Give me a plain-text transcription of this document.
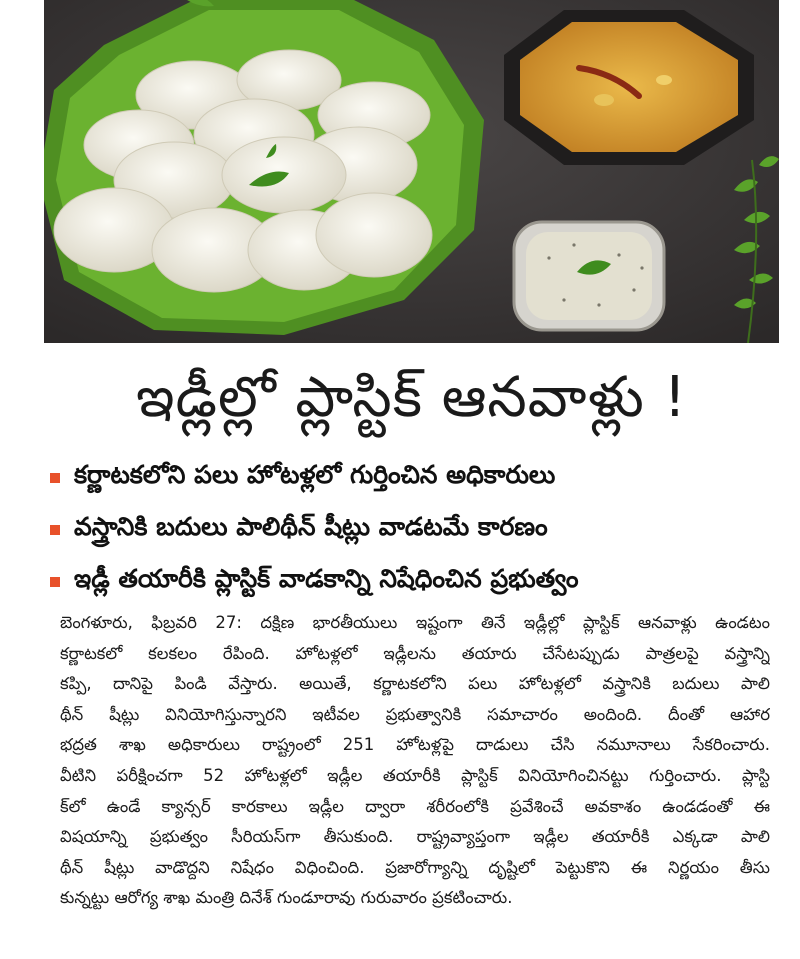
ఇడ్లీల్లో ప్లాస్టిక్ ఆనవాళ్లు !
కర్ణాటకలోని పలు హోటళ్లలో గుర్తించిన అధికారులు
వస్త్రానికి బదులు పాలిథీన్ షీట్లు వాడటమే కారణం
ఇడ్లీ తయారీకి ప్లాస్టిక్ వాడకాన్ని నిషేధించిన ప్రభుత్వం
బెంగళూరు, ఫిబ్రవరి 27: దక్షిణ భారతీయులు ఇష్టంగా తినే ఇడ్లీల్లో ప్లాస్టిక్ ఆనవాళ్లు ఉండటం
కర్ణాటకలో కలకలం రేపింది. హోటళ్లలో ఇడ్లీలను తయారు చేసేటప్పుడు పాత్రలపై వస్త్రాన్ని
కప్పి, దానిపై పిండి వేస్తారు. అయితే, కర్ణాటకలోని పలు హోటళ్లలో వస్త్రానికి బదులు పాలి
థీన్ షీట్లు వినియోగిస్తున్నారని ఇటీవల ప్రభుత్వానికి సమాచారం అందింది. దీంతో ఆహార
భద్రత శాఖ అధికారులు రాష్ట్రంలో 251 హోటళ్లపై దాడులు చేసి నమూనాలు సేకరించారు.
వీటిని పరీక్షించగా 52 హోటళ్లలో ఇడ్లీల తయారీకి ప్లాస్టిక్ వినియోగించినట్టు గుర్తించారు. ప్లాస్టి
క్‌లో ఉండే క్యాన్సర్ కారకాలు ఇడ్లీల ద్వారా శరీరంలోకి ప్రవేశించే అవకాశం ఉండడంతో ఈ
విషయాన్ని ప్రభుత్వం సీరియస్‌గా తీసుకుంది. రాష్ట్రవ్యాప్తంగా ఇడ్లీల తయారీకి ఎక్కడా పాలి
థీన్ షీట్లు వాడొద్దని నిషేధం విధించింది. ప్రజారోగ్యాన్ని దృష్టిలో పెట్టుకొని ఈ నిర్ణయం తీసు
కున్నట్టు ఆరోగ్య శాఖ మంత్రి దినేశ్ గుండూరావు గురువారం ప్రకటించారు.
